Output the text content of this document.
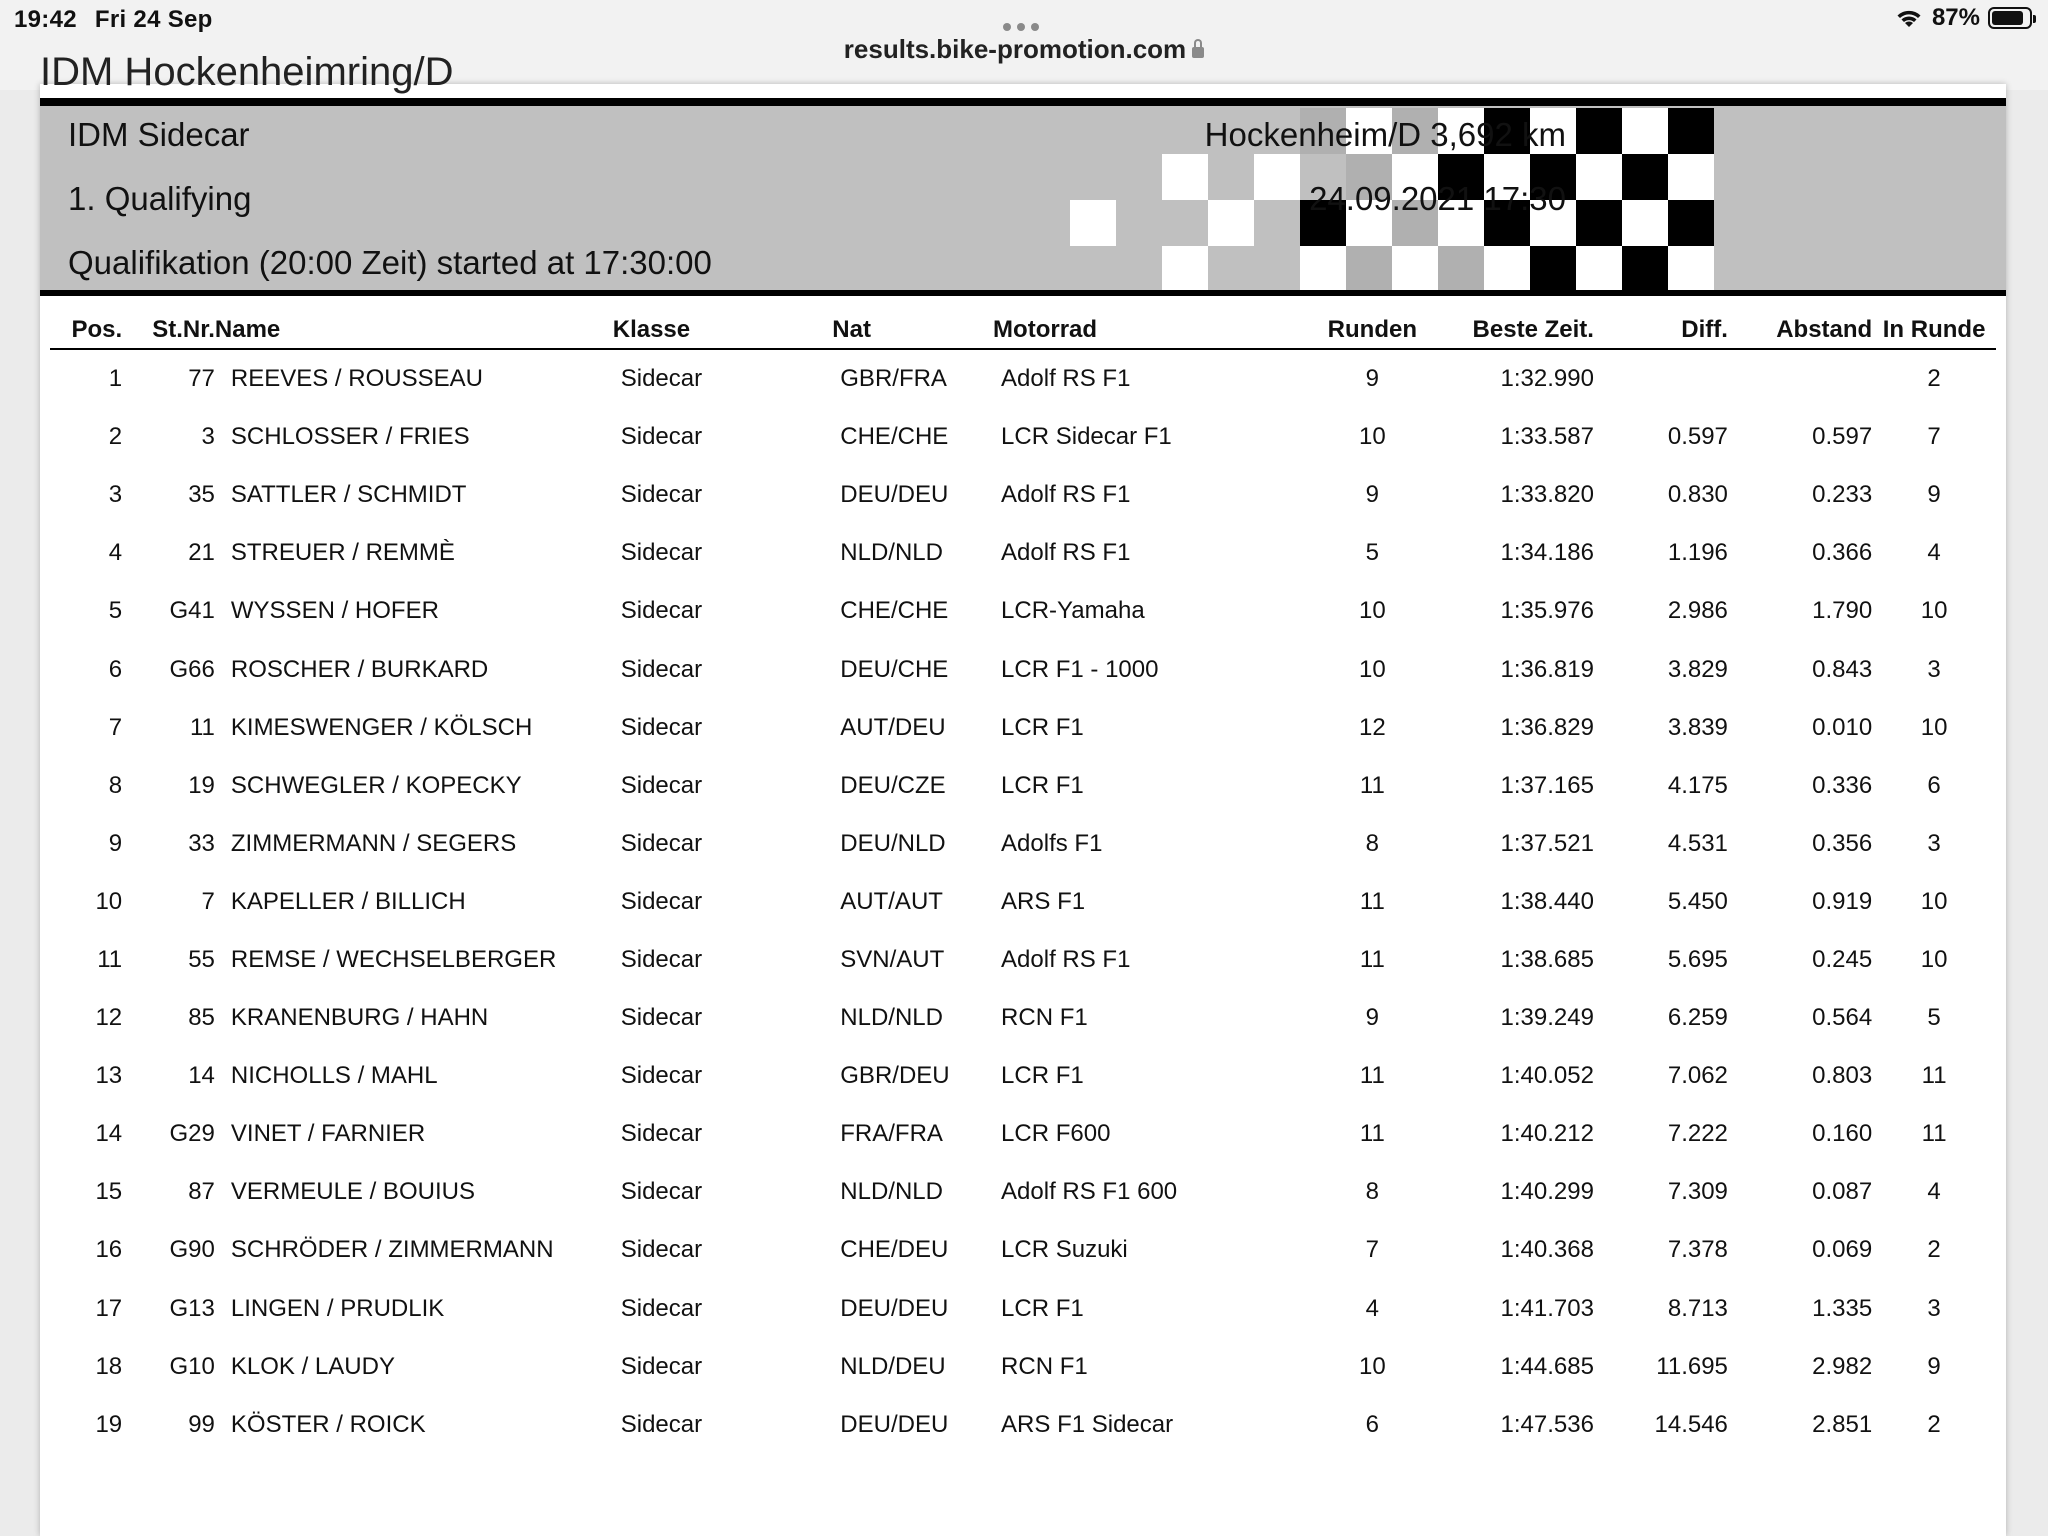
19:42 Fri 24 Sep
results.bike-promotion.com
87%
IDM Hockenheimring/D
IDM Sidecar
1. Qualifying
Qualifikation (20:00 Zeit) started at 17:30:00
Hockenheim/D 3,692 km
24.09.2021 17:30
Pos.	St.Nr.	Name	Klasse	Nat	Motorrad	Runden	Beste Zeit.	Diff.	Abstand	In Runde
1	77	REEVES / ROUSSEAU	Sidecar	GBR/FRA	Adolf RS F1	9	1:32.990			2
2	3	SCHLOSSER / FRIES	Sidecar	CHE/CHE	LCR Sidecar F1	10	1:33.587	0.597	0.597	7
3	35	SATTLER / SCHMIDT	Sidecar	DEU/DEU	Adolf RS F1	9	1:33.820	0.830	0.233	9
4	21	STREUER / REMMÈ	Sidecar	NLD/NLD	Adolf RS F1	5	1:34.186	1.196	0.366	4
5	G41	WYSSEN / HOFER	Sidecar	CHE/CHE	LCR-Yamaha	10	1:35.976	2.986	1.790	10
6	G66	ROSCHER / BURKARD	Sidecar	DEU/CHE	LCR F1 - 1000	10	1:36.819	3.829	0.843	3
7	11	KIMESWENGER / KÖLSCH	Sidecar	AUT/DEU	LCR F1	12	1:36.829	3.839	0.010	10
8	19	SCHWEGLER / KOPECKY	Sidecar	DEU/CZE	LCR F1	11	1:37.165	4.175	0.336	6
9	33	ZIMMERMANN / SEGERS	Sidecar	DEU/NLD	Adolfs F1	8	1:37.521	4.531	0.356	3
10	7	KAPELLER / BILLICH	Sidecar	AUT/AUT	ARS F1	11	1:38.440	5.450	0.919	10
11	55	REMSE / WECHSELBERGER	Sidecar	SVN/AUT	Adolf RS F1	11	1:38.685	5.695	0.245	10
12	85	KRANENBURG / HAHN	Sidecar	NLD/NLD	RCN F1	9	1:39.249	6.259	0.564	5
13	14	NICHOLLS / MAHL	Sidecar	GBR/DEU	LCR F1	11	1:40.052	7.062	0.803	11
14	G29	VINET / FARNIER	Sidecar	FRA/FRA	LCR F600	11	1:40.212	7.222	0.160	11
15	87	VERMEULE / BOUIUS	Sidecar	NLD/NLD	Adolf RS F1 600	8	1:40.299	7.309	0.087	4
16	G90	SCHRÖDER / ZIMMERMANN	Sidecar	CHE/DEU	LCR Suzuki	7	1:40.368	7.378	0.069	2
17	G13	LINGEN / PRUDLIK	Sidecar	DEU/DEU	LCR F1	4	1:41.703	8.713	1.335	3
18	G10	KLOK / LAUDY	Sidecar	NLD/DEU	RCN F1	10	1:44.685	11.695	2.982	9
19	99	KÖSTER / ROICK	Sidecar	DEU/DEU	ARS F1 Sidecar	6	1:47.536	14.546	2.851	2
